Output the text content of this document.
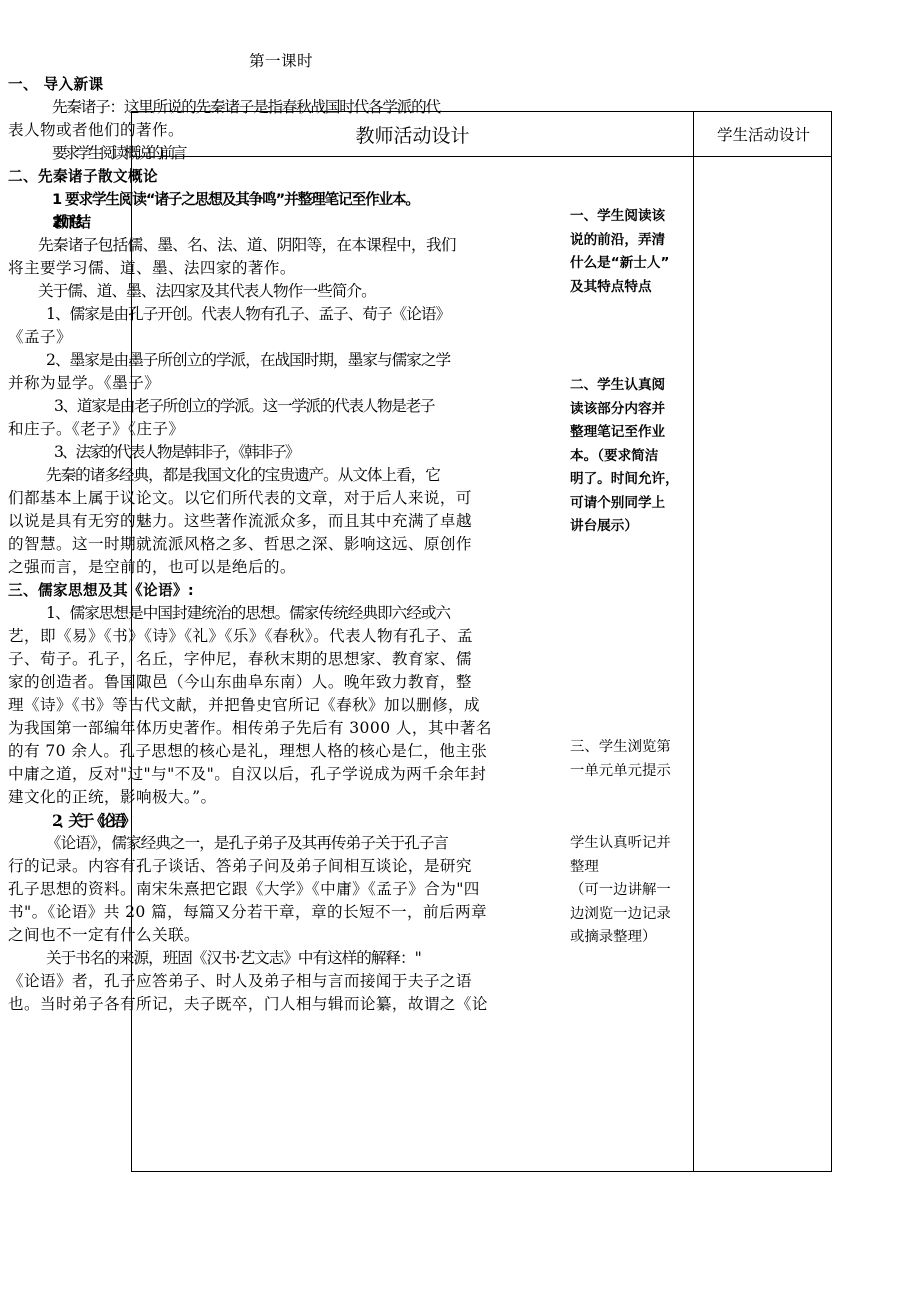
教师活动设计	学生活动设计
第一课时
一、 导入新课
先秦诸子：这里所说的先秦诸子是指春秋战国时代各学派的代
表人物或者他们的著作。
要求学生阅读概说的前言
二、先秦诸子散文概论
1 要求学生阅读“诸子之思想及其争鸣”并整理笔记至作业本。
2 教师总结
先秦诸子包括儒、墨、名、法、道、阴阳等，在本课程中，我们
将主要学习儒、道、墨、法四家的著作。
关于儒、道、墨、法四家及其代表人物作一些简介。
1、儒家是由孔子开创。代表人物有孔子、孟子、荀子《论语》
《孟子》
2、墨家是由墨子所创立的学派，在战国时期，墨家与儒家之学
并称为显学。《墨子》
3、道家是由老子所创立的学派。这一学派的代表人物是老子
和庄子。《老子》《庄子》
3、法家的代表人物是韩非子，《韩非子》
先秦的诸多经典，都是我国文化的宝贵遗产。从文体上看，它
们都基本上属于议论文。以它们所代表的文章，对于后人来说，可
以说是具有无穷的魅力。这些著作流派众多，而且其中充满了卓越
的智慧。这一时期就流派风格之多、哲思之深、影响这远、原创作
之强而言，是空前的，也可以是绝后的。
三、儒家思想及其《论语》:
1、儒家思想是中国封建统治的思想。儒家传统经典即六经或六
艺，即《易》《书》《诗》《礼》《乐》《春秋》。代表人物有孔子、孟
子、荀子。孔子，名丘，字仲尼，春秋末期的思想家、教育家、儒
家的创造者。鲁国陬邑（今山东曲阜东南）人。晚年致力教育，整
理《诗》《书》等古代文献，并把鲁史官所记《春秋》加以删修，成
为我国第一部编年体历史著作。相传弟子先后有 3000 人，其中著名
的有 70 余人。孔子思想的核心是礼，理想人格的核心是仁，他主张
中庸之道，反对"过"与"不及"。自汉以后，孔子学说成为两千余年封
建文化的正统，影响极大。”。
2、关于《论语》
《论语》，儒家经典之一，是孔子弟子及其再传弟子关于孔子言
行的记录。内容有孔子谈话、答弟子问及弟子间相互谈论，是研究
孔子思想的资料。南宋朱熹把它跟《大学》《中庸》《孟子》合为"四
书"。《论语》共 20 篇，每篇又分若干章，章的长短不一，前后两章
之间也不一定有什么关联。
关于书名的来源，班固《汉书·艺文志》中有这样的解释："
《论语》者，孔子应答弟子、时人及弟子相与言而接闻于夫子之语
也。当时弟子各有所记，夫子既卒，门人相与辑而论纂，故谓之《论
一、学生阅读该
说的前沿，弄清
什么是“新士人”
及其特点特点
二、学生认真阅
读该部分内容并
整理笔记至作业
本。（要求简洁
明了。时间允许，
可请个别同学上
讲台展示）
三、学生浏览第
一单元单元提示
学生认真听记并
整理
（可一边讲解一
边浏览一边记录
或摘录整理）
